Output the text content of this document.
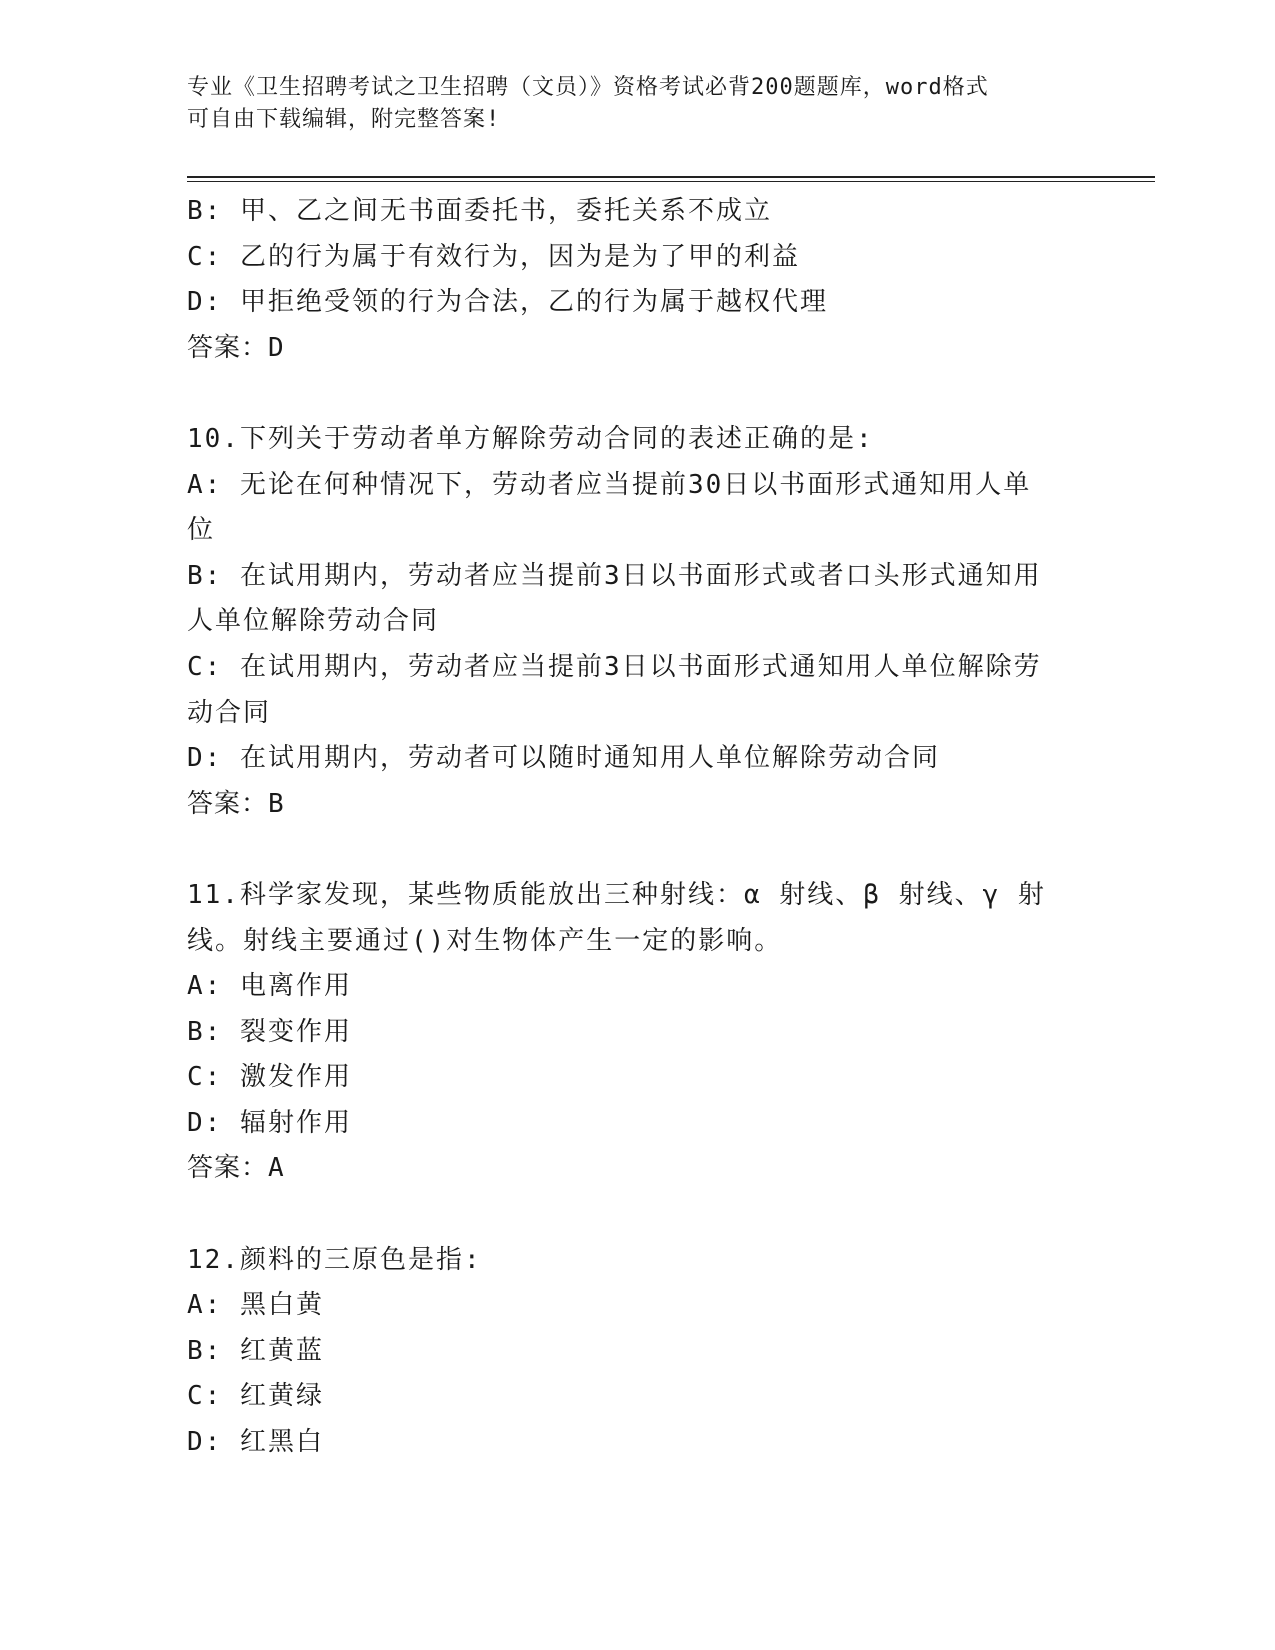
专业《卫生招聘考试之卫生招聘（文员）》资格考试必背200题题库，word格式
可自由下载编辑，附完整答案!
B: 甲、乙之间无书面委托书，委托关系不成立
C: 乙的行为属于有效行为，因为是为了甲的利益
D: 甲拒绝受领的行为合法，乙的行为属于越权代理
答案：D
10.下列关于劳动者单方解除劳动合同的表述正确的是:
A: 无论在何种情况下，劳动者应当提前30日以书面形式通知用人单
位
B: 在试用期内，劳动者应当提前3日以书面形式或者口头形式通知用
人单位解除劳动合同
C: 在试用期内，劳动者应当提前3日以书面形式通知用人单位解除劳
动合同
D: 在试用期内，劳动者可以随时通知用人单位解除劳动合同
答案：B
11.科学家发现，某些物质能放出三种射线：α 射线、β 射线、γ 射
线。射线主要通过()对生物体产生一定的影响。
A: 电离作用
B: 裂变作用
C: 激发作用
D: 辐射作用
答案：A
12.颜料的三原色是指:
A: 黑白黄
B: 红黄蓝
C: 红黄绿
D: 红黑白
